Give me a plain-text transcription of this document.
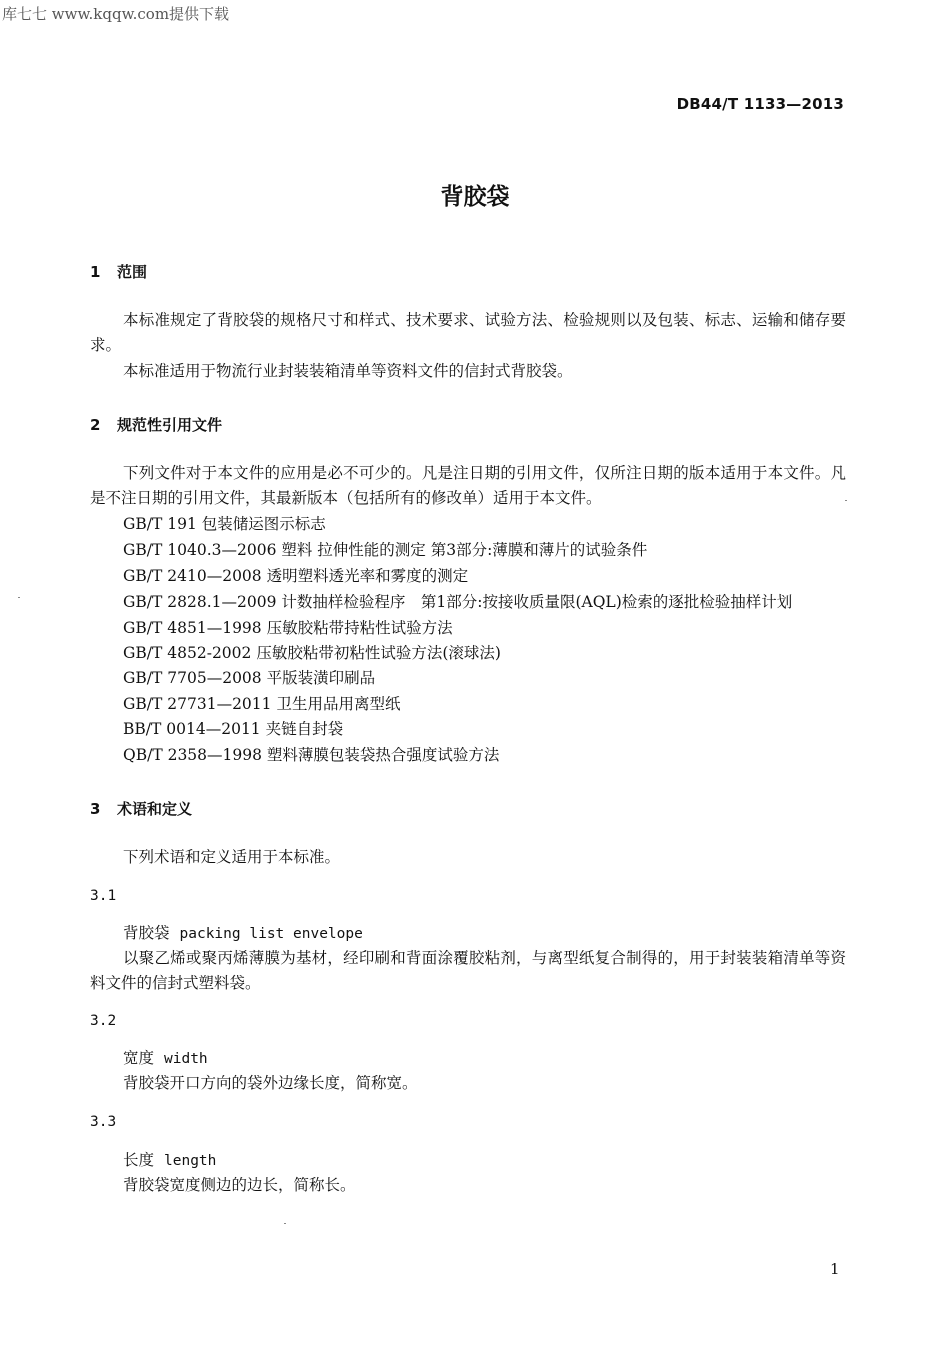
库七七 www.kqqw.com提供下载
DB44/T 1133—2013
背胶袋
1 范围
本标准规定了背胶袋的规格尺寸和样式、技术要求、试验方法、检验规则以及包装、标志、运输和储存要求。
本标准适用于物流行业封装装箱清单等资料文件的信封式背胶袋。
2 规范性引用文件
下列文件对于本文件的应用是必不可少的。凡是注日期的引用文件，仅所注日期的版本适用于本文件。凡是不注日期的引用文件，其最新版本（包括所有的修改单）适用于本文件。
GB/T 191 包装储运图示标志
GB/T 1040.3—2006 塑料 拉伸性能的测定 第3部分:薄膜和薄片的试验条件
GB/T 2410—2008 透明塑料透光率和雾度的测定
GB/T 2828.1—2009 计数抽样检验程序　第1部分:按接收质量限(AQL)检索的逐批检验抽样计划
GB/T 4851—1998 压敏胶粘带持粘性试验方法
GB/T 4852-2002 压敏胶粘带初粘性试验方法(滚球法)
GB/T 7705—2008 平版装潢印刷品
GB/T 27731—2011 卫生用品用离型纸
BB/T 0014—2011 夹链自封袋
QB/T 2358—1998 塑料薄膜包装袋热合强度试验方法
3 术语和定义
下列术语和定义适用于本标准。
3.1
背胶袋 packing list envelope
以聚乙烯或聚丙烯薄膜为基材，经印刷和背面涂覆胶粘剂，与离型纸复合制得的，用于封装装箱清单等资料文件的信封式塑料袋。
3.2
宽度 width
背胶袋开口方向的袋外边缘长度，简称宽。
3.3
长度 length
背胶袋宽度侧边的边长，简称长。
1
